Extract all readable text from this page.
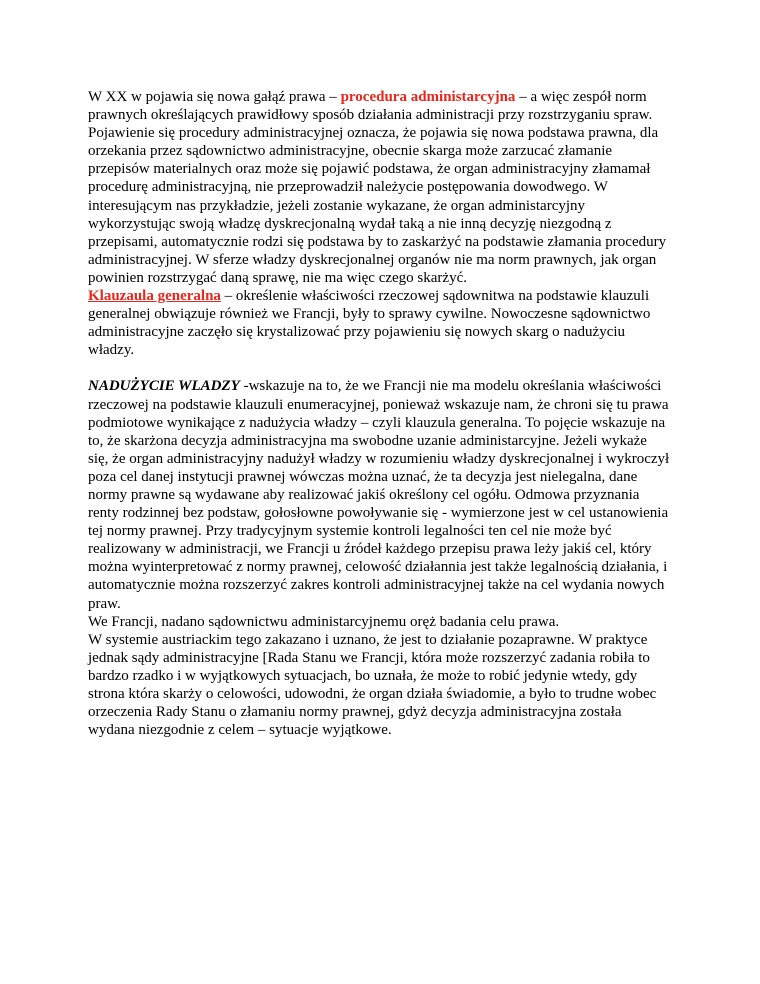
W XX w pojawia się nowa gałąź prawa – procedura administarcyjna – a więc zespół norm prawnych określających prawidłowy sposób działania administracji przy rozstrzyganiu spraw. Pojawienie się procedury administracyjnej oznacza, że pojawia się nowa podstawa prawna, dla orzekania przez sądownictwo administracyjne, obecnie skarga może zarzucać złamanie przepisów materialnych oraz może się pojawić podstawa, że organ administracyjny złamamał procedurę administracyjną, nie przeprowadził należycie postępowania dowodwego. W interesującym nas przykładzie, jeżeli zostanie wykazane, że organ administarcyjny wykorzystując swoją władzę dyskrecjonalną wydał taką a nie inną decyzję niezgodną z przepisami, automatycznie rodzi się podstawa by to zaskarżyć na podstawie złamania procedury administracyjnej. W sferze władzy dyskrecjonalnej organów nie ma norm prawnych, jak organ powinien rozstrzygać daną sprawę, nie ma więc czego skarżyć.

Klauzaula generalna – określenie właściwości rzeczowej sądownitwa na podstawie klauzuli generalnej obwiązuje również we Francji, były to sprawy cywilne. Nowoczesne sądownictwo administracyjne zaczęło się krystalizować przy pojawieniu się nowych skarg o nadużyciu władzy.

NADUŻYCIE WLADZY -wskazuje na to, że we Francji nie ma modelu określania właściwości rzeczowej na podstawie klauzuli enumeracyjnej, ponieważ wskazuje nam, że chroni się tu prawa podmiotowe wynikające z nadużycia władzy – czyli klauzula generalna. To pojęcie wskazuje na to, że skarżona decyzja administracyjna ma swobodne uzanie administarcyjne. Jeżeli wykaże się, że organ administracyjny nadużył władzy w rozumieniu władzy dyskrecjonalnej i wykroczył poza cel danej instytucji prawnej wówczas można uznać, że ta decyzja jest nielegalna, dane normy prawne są wydawane aby realizować jakiś określony cel ogółu. Odmowa przyznania renty rodzinnej bez podstaw, gołosłowne powoływanie się - wymierzone jest w cel ustanowienia tej normy prawnej. Przy tradycyjnym systemie kontroli legalności ten cel nie może być realizowany w administracji, we Francji u źródeł każdego przepisu prawa leży jakiś cel, który można wyinterpretować z normy prawnej, celowość działannia jest także legalnością działania, i automatycznie można rozszerzyć zakres kontroli administracyjnej także na cel wydania nowych praw.

We Francji, nadano sądownictwu administarcyjnemu oręż badania celu prawa.

W systemie austriackim tego zakazano i uznano, że jest to działanie pozaprawne. W praktyce jednak sądy administracyjne [Rada Stanu we Francji, która może rozszerzyć zadania robiła to bardzo rzadko i w wyjątkowych sytuacjach, bo uznała, że może to robić jedynie wtedy, gdy strona która skarży o celowości, udowodni, że organ działa świadomie, a było to trudne wobec orzeczenia Rady Stanu o złamaniu normy prawnej, gdyż decyzja administracyjna została wydana niezgodnie z celem – sytuacje wyjątkowe.
